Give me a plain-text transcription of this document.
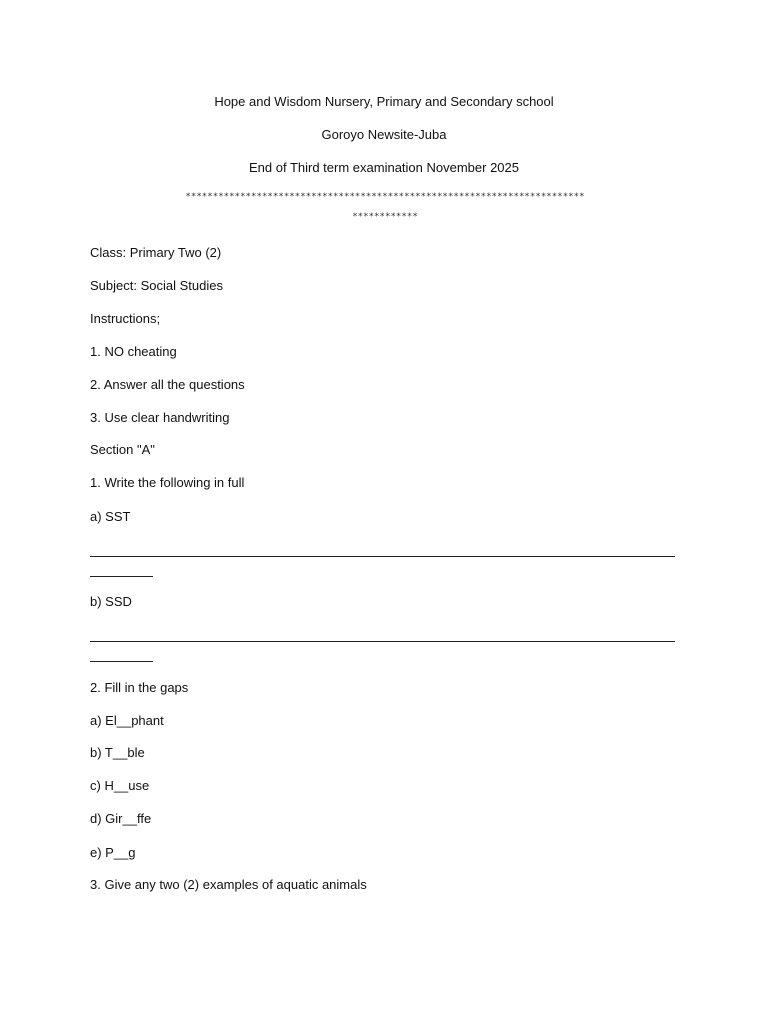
Hope and Wisdom Nursery, Primary and Secondary school
Goroyo Newsite-Juba
End of Third term examination November 2025
*************************************************************************
************
Class: Primary Two (2)
Subject: Social Studies
Instructions;
1. NO cheating
2. Answer all the questions
3. Use clear handwriting
Section "A"
1. Write the following in full
a) SST
b) SSD
2. Fill in the gaps
a) El__phant
b) T__ble
c) H__use
d) Gir__ffe
e) P__g
3. Give any two (2) examples of aquatic animals
